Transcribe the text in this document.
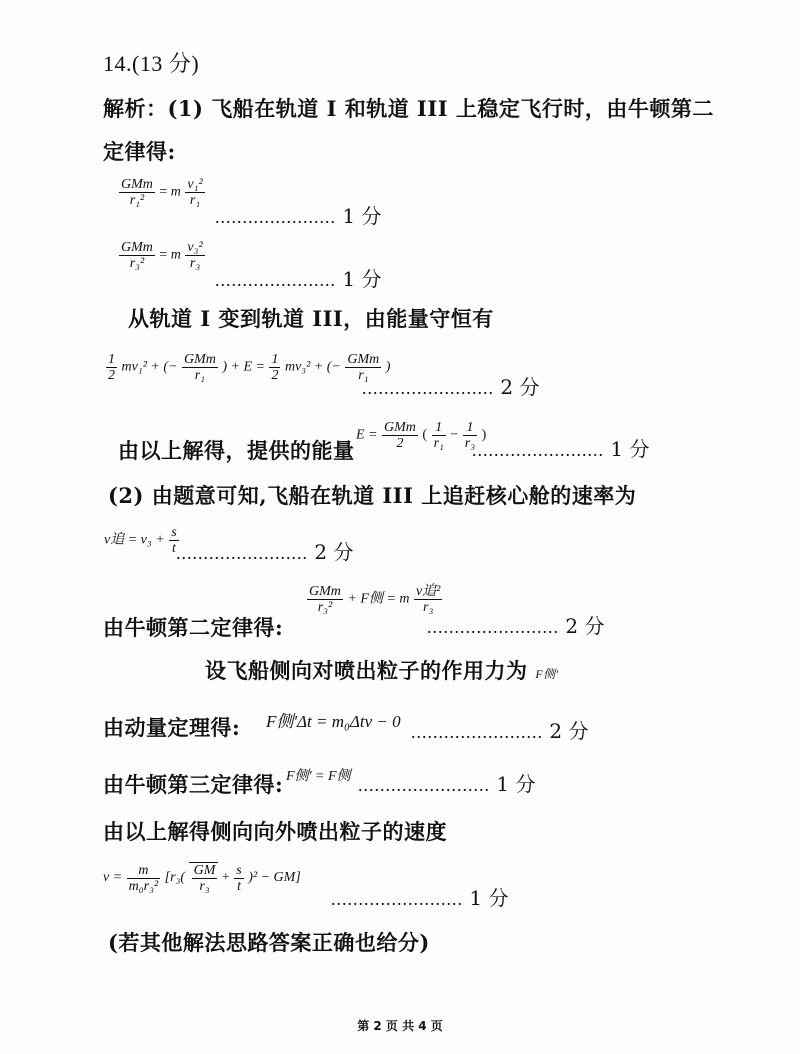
14.(13 分)
解析：(1) 飞船在轨道 I 和轨道 III 上稳定飞行时，由牛顿第二
定律得:
$\frac{\text{GMm}}{\text{r₁²}} = m \frac{\text{v₁²}}{\text{r₁}}$
...................... 1 分
$\frac{\text{GMm}}{\text{r₃²}} = m \frac{\text{v₃²}}{\text{r₃}}$
...................... 1 分
从轨道 I 变到轨道 III，由能量守恒有
$\frac{1}{2} mv_1^2$ + (− $\frac{\text{GMm}}{\text{r₁}}$ ) + $E = \frac{1}{2} mv_3^2$ + (− $\frac{\text{GMm}}{\text{r₁}}$ )
........................ 2 分
由以上解得，提供的能量
$E = \frac{\text{GMm}}{2}$ ( $\frac{1}{\text{r₁}} - \frac{1}{\text{r₃}}$ )
........................ 1 分
(2) 由题意可知,飞船在轨道 III 上追赶核心舱的速率为
v追 = $v_3 + \frac{s}{t}$
........................ 2 分
由牛顿第二定律得:
$\frac{\text{GMm}}{\text{r₃²}} + F$侧 = m $\frac{\text{v追²}}{\text{r₃}}$
........................ 2 分
设飞船侧向对喷出粒子的作用力为 F侧'
由动量定理得: F侧'Δt = m₀Δtv − 0
........................ 2 分
由牛顿第三定律得: F侧' = F侧 ........................ 1 分
由以上解得侧向向外喷出粒子的速度
$v = \frac{m}{\text{m₀r₃²}} [r_3( \frac{GM}{\text{r₃}} + \frac{s}{t} )^2 - GM]$
........................ 1 分
(若其他解法思路答案正确也给分)
第 2 页 共 4 页
